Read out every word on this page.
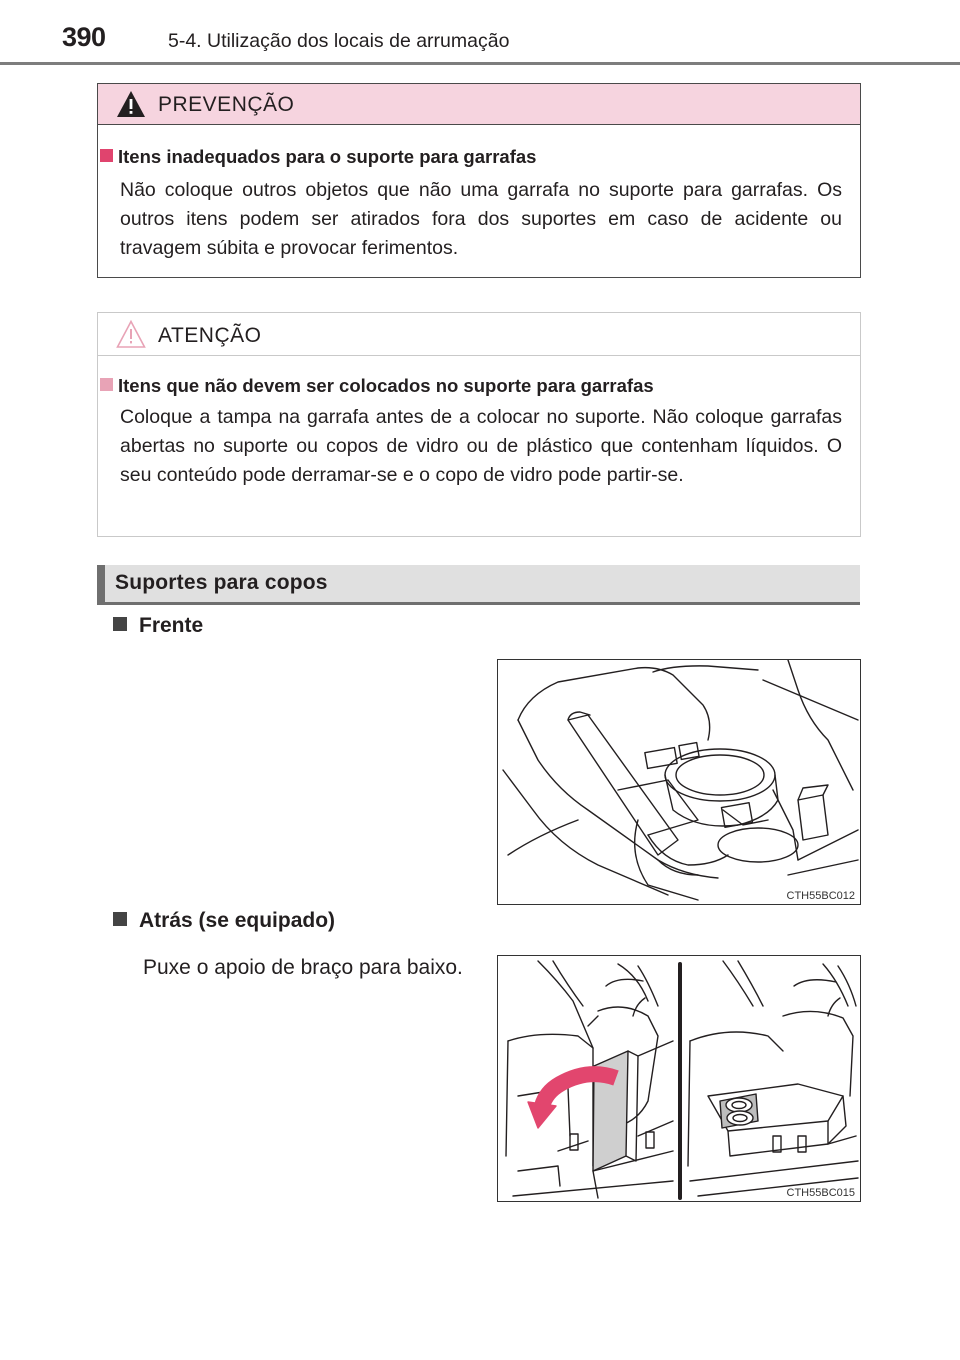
390	5-4. Utilização dos locais de arrumação
PREVENÇÃO
Itens inadequados para o suporte para garrafas
Não coloque outros objetos que não uma garrafa no suporte para garrafas. Os outros itens podem ser atirados fora dos suportes em caso de acidente ou travagem súbita e provocar ferimentos.
ATENÇÃO
Itens que não devem ser colocados no suporte para garrafas
Coloque a tampa na garrafa antes de a colocar no suporte. Não coloque garrafas abertas no suporte ou copos de vidro ou de plástico que contenham líquidos. O seu conteúdo pode derramar-se e o copo de vidro pode partir-se.
Suportes para copos
Frente
CTH55BC012
Atrás (se equipado)
Puxe o apoio de braço para baixo.
CTH55BC015
